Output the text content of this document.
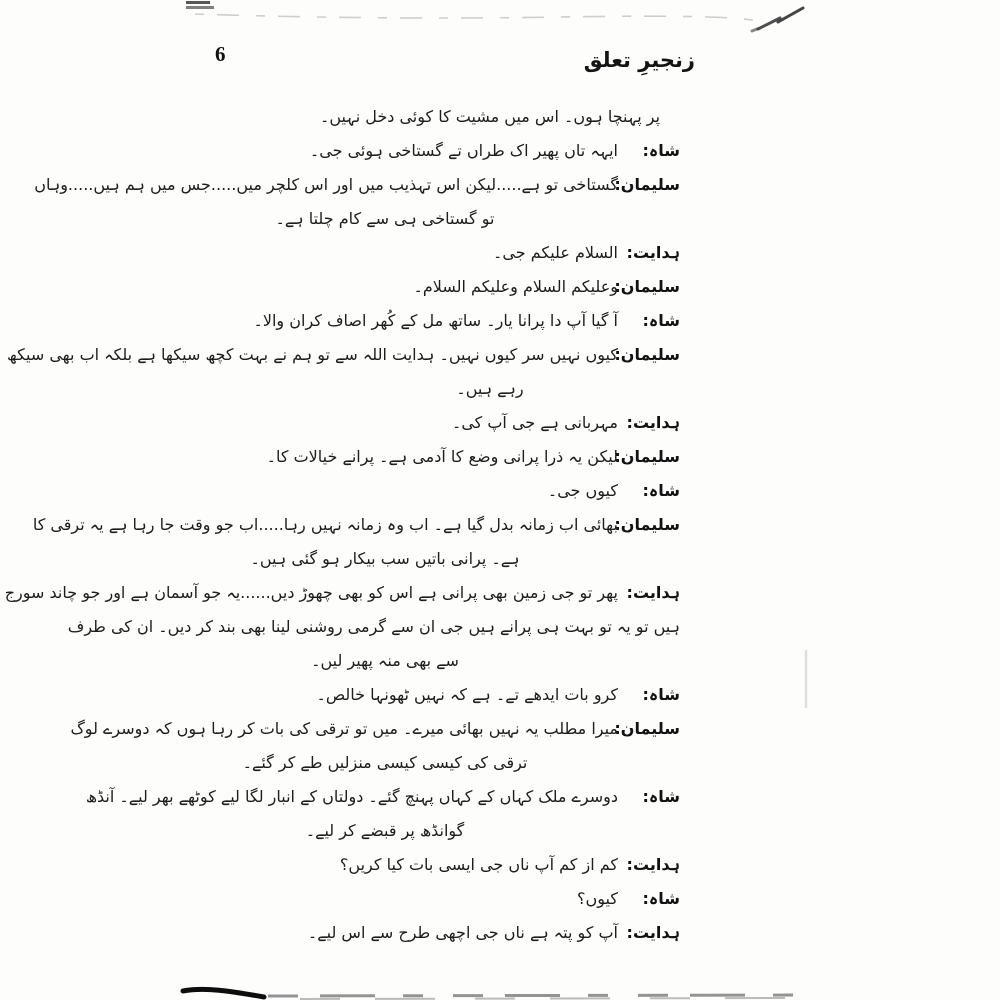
6	زنجیرِ تعلق
پر پہنچا ہوں۔ اس میں مشیت کا کوئی دخل نہیں۔
شاہ:
ایہہ تاں پھیر اک طراں تے گستاخی ہوئی جی۔
سلیمان:
گستاخی تو ہے.....لیکن اس تہذیب میں اور اس کلچر میں.....جس میں ہم ہیں.....وہاں
تو گستاخی ہی سے کام چلتا ہے۔
ہدایت:
السلام علیکم جی۔
سلیمان:
وعلیکم السلام وعلیکم السلام۔
شاہ:
آ گیا آپ دا پرانا یار۔ ساتھ مل کے کُھر اصاف کران والا۔
سلیمان:
کیوں نہیں سر کیوں نہیں۔ ہدایت اللہ سے تو ہم نے بہت کچھ سیکھا ہے بلکہ اب بھی سیکھ
رہے ہیں۔
ہدایت:
مہربانی ہے جی آپ کی۔
سلیمان:
لیکن یہ ذرا پرانی وضع کا آدمی ہے۔ پرانے خیالات کا۔
شاہ:
کیوں جی۔
سلیمان:
بھائی اب زمانہ بدل گیا ہے۔ اب وہ زمانہ نہیں رہا.....اب جو وقت جا رہا ہے یہ ترقی کا
ہے۔ پرانی باتیں سب بیکار ہو گئی ہیں۔
ہدایت:
پھر تو جی زمین بھی پرانی ہے اس کو بھی چھوڑ دیں......یہ جو آسمان ہے اور جو چاند سورج
ہیں تو یہ تو بہت ہی پرانے ہیں جی ان سے گرمی روشنی لینا بھی بند کر دیں۔ ان کی طرف
سے بھی منہ پھیر لیں۔
شاہ:
کرو بات ایدھے تے۔ ہے کہ نہیں ٹھونہا خالص۔
سلیمان:
میرا مطلب یہ نہیں بھائی میرے۔ میں تو ترقی کی بات کر رہا ہوں کہ دوسرے لوگ
ترقی کی کیسی کیسی منزلیں طے کر گئے۔
شاہ:
دوسرے ملک کہاں کے کہاں پہنچ گئے۔ دولتاں کے انبار لگا لیے کوٹھے بھر لیے۔ آنڈھ
گوانڈھ پر قبضے کر لیے۔
ہدایت:
کم از کم آپ ناں جی ایسی بات کیا کریں؟
شاہ:
کیوں؟
ہدایت:
آپ کو پتہ ہے ناں جی اچھی طرح سے اس لیے۔
